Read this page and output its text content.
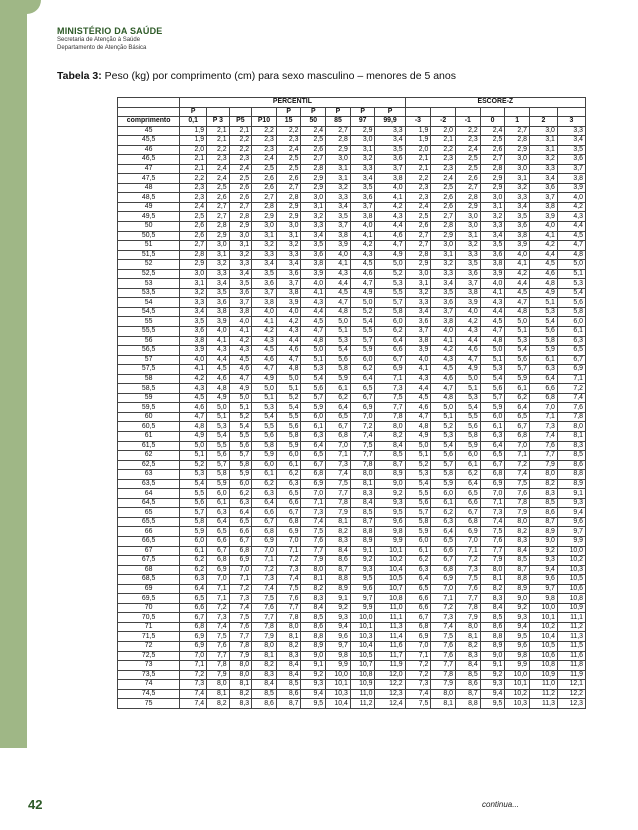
MINISTÉRIO DA SAÚDE
Secretaria de Atenção à Saúde
Departamento de Atenção Básica
Tabela 3: Peso (kg) por comprimento (cm) para sexo masculino – menores de 5 anos
	PERCENTIL									ESCORE-Z						
	P				P	P	P	P	P							
comprimento	0,1	P 3	P5	P10	15	50	85	97	99,9	-3	-2	-1	0	1	2	3
45	1,9	2,1	2,1	2,2	2,2	2,4	2,7	2,9	3,3	1,9	2,0	2,2	2,4	2,7	3,0	3,3
45,5	1,9	2,1	2,2	2,3	2,3	2,5	2,8	3,0	3,4	1,9	2,1	2,3	2,5	2,8	3,1	3,4
46	2,0	2,2	2,2	2,3	2,4	2,6	2,9	3,1	3,5	2,0	2,2	2,4	2,6	2,9	3,1	3,5
46,5	2,1	2,3	2,3	2,4	2,5	2,7	3,0	3,2	3,6	2,1	2,3	2,5	2,7	3,0	3,2	3,6
47	2,1	2,4	2,4	2,5	2,5	2,8	3,1	3,3	3,7	2,1	2,3	2,5	2,8	3,0	3,3	3,7
47,5	2,2	2,4	2,5	2,6	2,6	2,9	3,1	3,4	3,8	2,2	2,4	2,6	2,9	3,1	3,4	3,8
48	2,3	2,5	2,6	2,6	2,7	2,9	3,2	3,5	4,0	2,3	2,5	2,7	2,9	3,2	3,6	3,9
48,5	2,3	2,6	2,6	2,7	2,8	3,0	3,3	3,6	4,1	2,3	2,6	2,8	3,0	3,3	3,7	4,0
49	2,4	2,7	2,7	2,8	2,9	3,1	3,4	3,7	4,2	2,4	2,6	2,9	3,1	3,4	3,8	4,2
49,5	2,5	2,7	2,8	2,9	2,9	3,2	3,5	3,8	4,3	2,5	2,7	3,0	3,2	3,5	3,9	4,3
50	2,6	2,8	2,9	3,0	3,0	3,3	3,7	4,0	4,4	2,6	2,8	3,0	3,3	3,6	4,0	4,4
50,5	2,6	2,9	3,0	3,1	3,1	3,4	3,8	4,1	4,6	2,7	2,9	3,1	3,4	3,8	4,1	4,5
51	2,7	3,0	3,1	3,2	3,2	3,5	3,9	4,2	4,7	2,7	3,0	3,2	3,5	3,9	4,2	4,7
51,5	2,8	3,1	3,2	3,3	3,3	3,6	4,0	4,3	4,9	2,8	3,1	3,3	3,6	4,0	4,4	4,8
52	2,9	3,2	3,3	3,4	3,4	3,8	4,1	4,5	5,0	2,9	3,2	3,5	3,8	4,1	4,5	5,0
52,5	3,0	3,3	3,4	3,5	3,6	3,9	4,3	4,6	5,2	3,0	3,3	3,6	3,9	4,2	4,6	5,1
53	3,1	3,4	3,5	3,6	3,7	4,0	4,4	4,7	5,3	3,1	3,4	3,7	4,0	4,4	4,8	5,3
53,5	3,2	3,5	3,6	3,7	3,8	4,1	4,5	4,9	5,5	3,2	3,5	3,8	4,1	4,5	4,9	5,4
54	3,3	3,6	3,7	3,8	3,9	4,3	4,7	5,0	5,7	3,3	3,6	3,9	4,3	4,7	5,1	5,6
54,5	3,4	3,8	3,8	4,0	4,0	4,4	4,8	5,2	5,8	3,4	3,7	4,0	4,4	4,8	5,3	5,8
55	3,5	3,9	4,0	4,1	4,2	4,5	5,0	5,4	6,0	3,6	3,8	4,2	4,5	5,0	5,4	6,0
55,5	3,6	4,0	4,1	4,2	4,3	4,7	5,1	5,5	6,2	3,7	4,0	4,3	4,7	5,1	5,6	6,1
56	3,8	4,1	4,2	4,3	4,4	4,8	5,3	5,7	6,4	3,8	4,1	4,4	4,8	5,3	5,8	6,3
56,5	3,9	4,3	4,3	4,5	4,6	5,0	5,4	5,9	6,6	3,9	4,2	4,6	5,0	5,4	5,9	6,5
57	4,0	4,4	4,5	4,6	4,7	5,1	5,6	6,0	6,7	4,0	4,3	4,7	5,1	5,6	6,1	6,7
57,5	4,1	4,5	4,6	4,7	4,8	5,3	5,8	6,2	6,9	4,1	4,5	4,9	5,3	5,7	6,3	6,9
58	4,2	4,6	4,7	4,9	5,0	5,4	5,9	6,4	7,1	4,3	4,6	5,0	5,4	5,9	6,4	7,1
58,5	4,3	4,8	4,9	5,0	5,1	5,6	6,1	6,5	7,3	4,4	4,7	5,1	5,6	6,1	6,6	7,2
59	4,5	4,9	5,0	5,1	5,2	5,7	6,2	6,7	7,5	4,5	4,8	5,3	5,7	6,2	6,8	7,4
59,5	4,6	5,0	5,1	5,3	5,4	5,9	6,4	6,9	7,7	4,6	5,0	5,4	5,9	6,4	7,0	7,6
60	4,7	5,1	5,2	5,4	5,5	6,0	6,5	7,0	7,8	4,7	5,1	5,5	6,0	6,5	7,1	7,8
60,5	4,8	5,3	5,4	5,5	5,6	6,1	6,7	7,2	8,0	4,8	5,2	5,6	6,1	6,7	7,3	8,0
61	4,9	5,4	5,5	5,6	5,8	6,3	6,8	7,4	8,2	4,9	5,3	5,8	6,3	6,8	7,4	8,1
61,5	5,0	5,5	5,6	5,8	5,9	6,4	7,0	7,5	8,4	5,0	5,4	5,9	6,4	7,0	7,6	8,3
62	5,1	5,6	5,7	5,9	6,0	6,5	7,1	7,7	8,5	5,1	5,6	6,0	6,5	7,1	7,7	8,5
62,5	5,2	5,7	5,8	6,0	6,1	6,7	7,3	7,8	8,7	5,2	5,7	6,1	6,7	7,2	7,9	8,6
63	5,3	5,8	5,9	6,1	6,2	6,8	7,4	8,0	8,9	5,3	5,8	6,2	6,8	7,4	8,0	8,8
63,5	5,4	5,9	6,0	6,2	6,3	6,9	7,5	8,1	9,0	5,4	5,9	6,4	6,9	7,5	8,2	8,9
64	5,5	6,0	6,2	6,3	6,5	7,0	7,7	8,3	9,2	5,5	6,0	6,5	7,0	7,6	8,3	9,1
64,5	5,6	6,1	6,3	6,4	6,6	7,1	7,8	8,4	9,3	5,6	6,1	6,6	7,1	7,8	8,5	9,3
65	5,7	6,3	6,4	6,6	6,7	7,3	7,9	8,5	9,5	5,7	6,2	6,7	7,3	7,9	8,6	9,4
65,5	5,8	6,4	6,5	6,7	6,8	7,4	8,1	8,7	9,6	5,8	6,3	6,8	7,4	8,0	8,7	9,6
66	5,9	6,5	6,6	6,8	6,9	7,5	8,2	8,8	9,8	5,9	6,4	6,9	7,5	8,2	8,9	9,7
66,5	6,0	6,6	6,7	6,9	7,0	7,6	8,3	8,9	9,9	6,0	6,5	7,0	7,6	8,3	9,0	9,9
67	6,1	6,7	6,8	7,0	7,1	7,7	8,4	9,1	10,1	6,1	6,6	7,1	7,7	8,4	9,2	10,0
67,5	6,2	6,8	6,9	7,1	7,2	7,9	8,6	9,2	10,2	6,2	6,7	7,2	7,9	8,5	9,3	10,2
68	6,2	6,9	7,0	7,2	7,3	8,0	8,7	9,3	10,4	6,3	6,8	7,3	8,0	8,7	9,4	10,3
68,5	6,3	7,0	7,1	7,3	7,4	8,1	8,8	9,5	10,5	6,4	6,9	7,5	8,1	8,8	9,6	10,5
69	6,4	7,1	7,2	7,4	7,5	8,2	8,9	9,6	10,7	6,5	7,0	7,6	8,2	8,9	9,7	10,6
69,5	6,5	7,1	7,3	7,5	7,6	8,3	9,1	9,7	10,8	6,6	7,1	7,7	8,3	9,0	9,8	10,8
70	6,6	7,2	7,4	7,6	7,7	8,4	9,2	9,9	11,0	6,6	7,2	7,8	8,4	9,2	10,0	10,9
70,5	6,7	7,3	7,5	7,7	7,8	8,5	9,3	10,0	11,1	6,7	7,3	7,9	8,5	9,3	10,1	11,1
71	6,8	7,4	7,6	7,8	8,0	8,6	9,4	10,1	11,3	6,8	7,4	8,0	8,6	9,4	10,2	11,2
71,5	6,9	7,5	7,7	7,9	8,1	8,8	9,6	10,3	11,4	6,9	7,5	8,1	8,8	9,5	10,4	11,3
72	6,9	7,6	7,8	8,0	8,2	8,9	9,7	10,4	11,6	7,0	7,6	8,2	8,9	9,6	10,5	11,5
72,5	7,0	7,7	7,9	8,1	8,3	9,0	9,8	10,5	11,7	7,1	7,6	8,3	9,0	9,8	10,6	11,6
73	7,1	7,8	8,0	8,2	8,4	9,1	9,9	10,7	11,9	7,2	7,7	8,4	9,1	9,9	10,8	11,8
73,5	7,2	7,9	8,0	8,3	8,4	9,2	10,0	10,8	12,0	7,2	7,8	8,5	9,2	10,0	10,9	11,9
74	7,3	8,0	8,1	8,4	8,5	9,3	10,1	10,9	12,2	7,3	7,9	8,6	9,3	10,1	11,0	12,1
74,5	7,4	8,1	8,2	8,5	8,6	9,4	10,3	11,0	12,3	7,4	8,0	8,7	9,4	10,2	11,2	12,2
75	7,4	8,2	8,3	8,6	8,7	9,5	10,4	11,2	12,4	7,5	8,1	8,8	9,5	10,3	11,3	12,3
42	continua...
